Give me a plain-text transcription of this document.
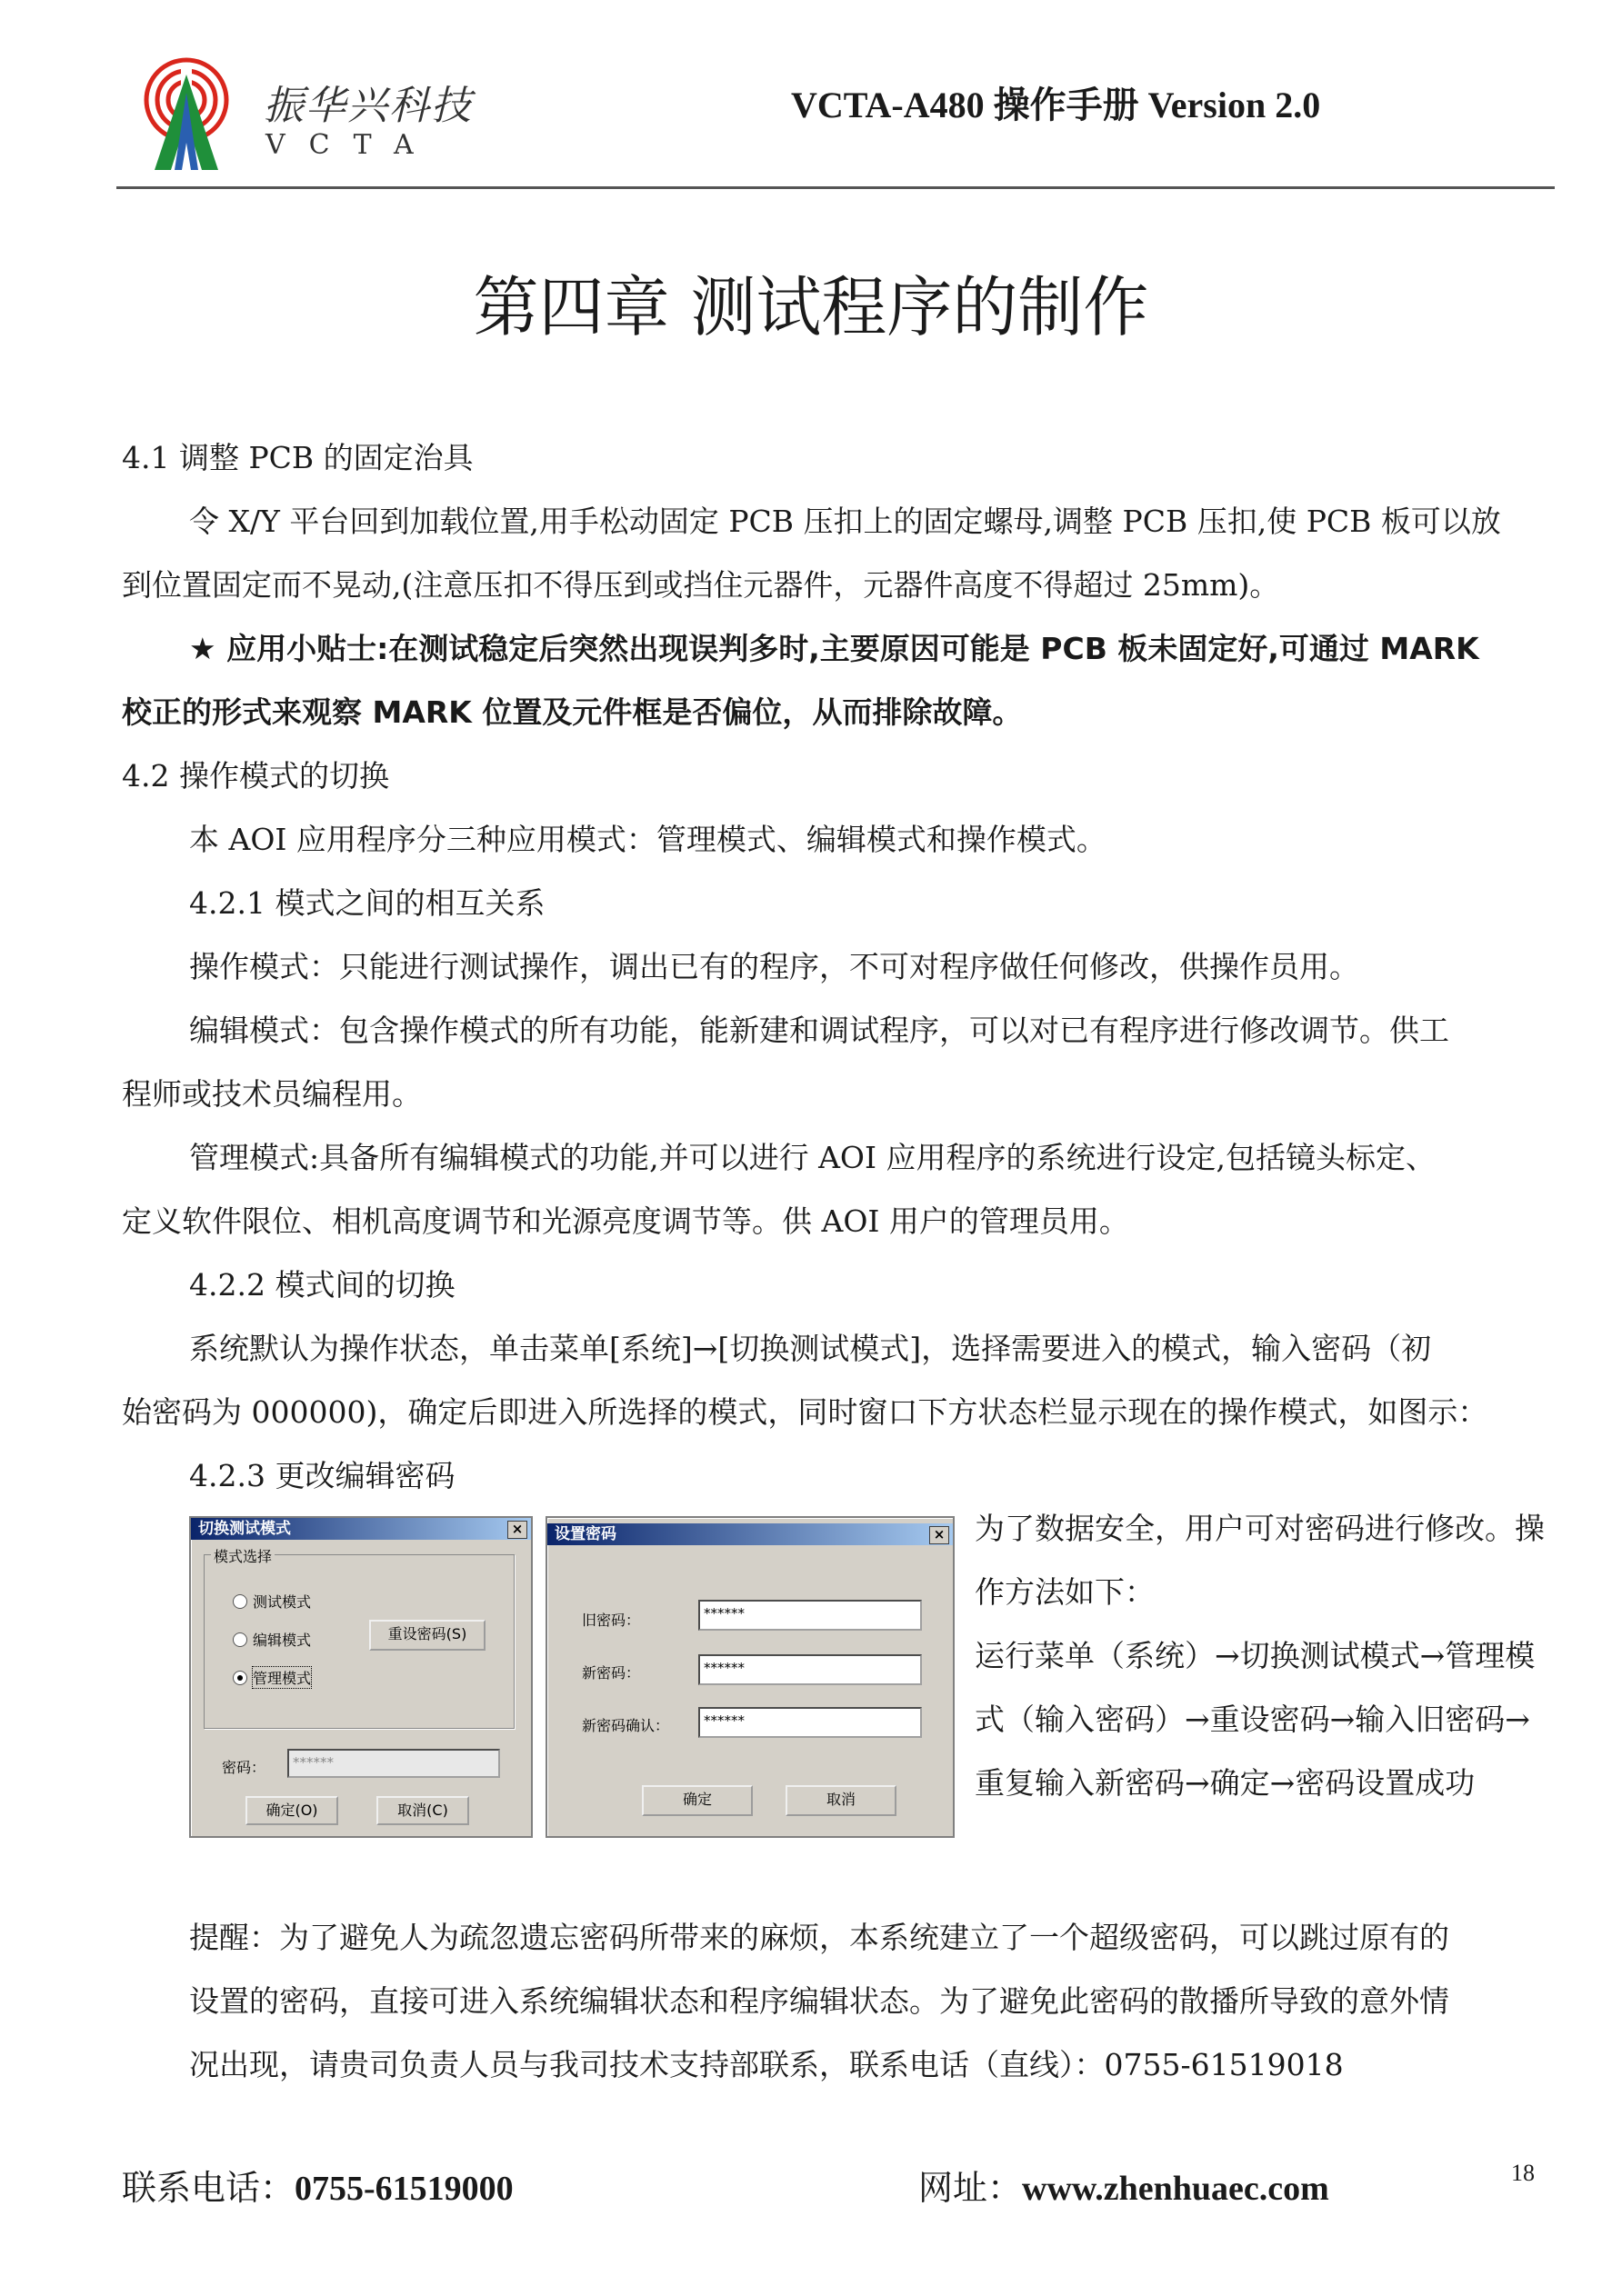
振华兴科技
VCTA
VCTA-A480 操作手册 Version 2.0
第四章 测试程序的制作
4.1 调整 PCB 的固定治具
令 X/Y 平台回到加载位置,用手松动固定 PCB 压扣上的固定螺母,调整 PCB 压扣,使 PCB 板可以放
到位置固定而不晃动,(注意压扣不得压到或挡住元器件，元器件高度不得超过 25mm)。
★ 应用小贴士:在测试稳定后突然出现误判多时,主要原因可能是 PCB 板未固定好,可通过 MARK
校正的形式来观察 MARK 位置及元件框是否偏位，从而排除故障。
4.2 操作模式的切换
本 AOI 应用程序分三种应用模式：管理模式、编辑模式和操作模式。
4.2.1 模式之间的相互关系
操作模式：只能进行测试操作，调出已有的程序，不可对程序做任何修改，供操作员用。
编辑模式：包含操作模式的所有功能，能新建和调试程序，可以对已有程序进行修改调节。供工
程师或技术员编程用。
管理模式:具备所有编辑模式的功能,并可以进行 AOI 应用程序的系统进行设定,包括镜头标定、
定义软件限位、相机高度调节和光源亮度调节等。供 AOI 用户的管理员用。
4.2.2 模式间的切换
系统默认为操作状态，单击菜单[系统]→[切换测试模式]，选择需要进入的模式，输入密码（初
始密码为 000000)，确定后即进入所选择的模式，同时窗口下方状态栏显示现在的操作模式，如图示：
4.2.3 更改编辑密码
切换测试模式	×
模式选择
测试模式
编辑模式
管理模式
重设密码(S)
密码：	******
确定(O)	取消(C)
设置密码	×
旧密码：	******
新密码：	******
新密码确认：	******
确定	取消
为了数据安全，用户可对密码进行修改。操
作方法如下：
运行菜单（系统）→切换测试模式→管理模
式（输入密码）→重设密码→输入旧密码→
重复输入新密码→确定→密码设置成功
提醒：为了避免人为疏忽遗忘密码所带来的麻烦，本系统建立了一个超级密码，可以跳过原有的
设置的密码，直接可进入系统编辑状态和程序编辑状态。为了避免此密码的散播所导致的意外情
况出现，请贵司负责人员与我司技术支持部联系，联系电话（直线）：0755-61519018
联系电话：0755-61519000	网址：www.zhenhuaec.com	18
